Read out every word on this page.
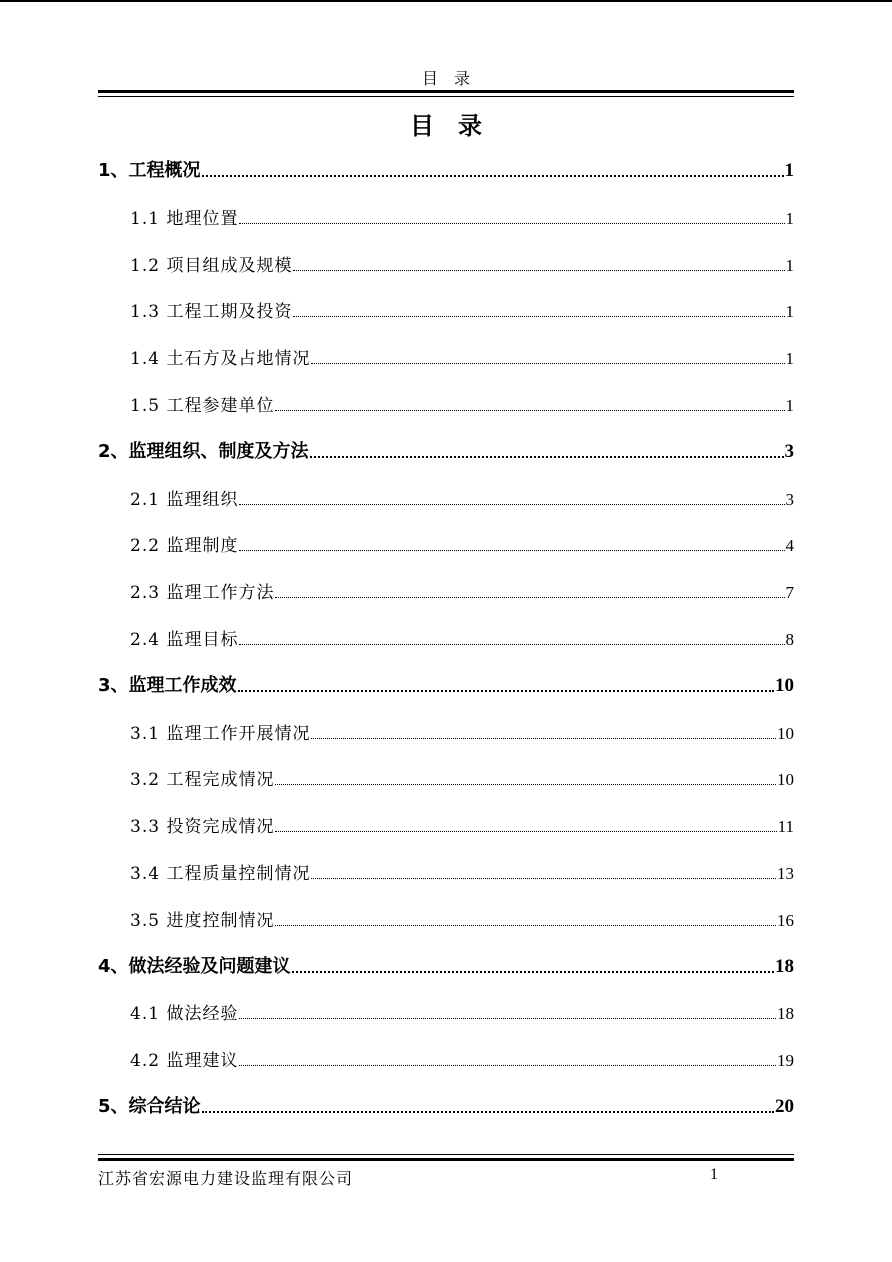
目录
目录
1、工程概况	1
1.1 地理位置	1
1.2 项目组成及规模	1
1.3 工程工期及投资	1
1.4 土石方及占地情况	1
1.5 工程参建单位	1
2、监理组织、制度及方法	3
2.1 监理组织	3
2.2 监理制度	4
2.3 监理工作方法	7
2.4 监理目标	8
3、监理工作成效	10
3.1 监理工作开展情况	10
3.2 工程完成情况	10
3.3 投资完成情况	11
3.4 工程质量控制情况	13
3.5 进度控制情况	16
4、做法经验及问题建议	18
4.1 做法经验	18
4.2 监理建议	19
5、综合结论	20
江苏省宏源电力建设监理有限公司	1
